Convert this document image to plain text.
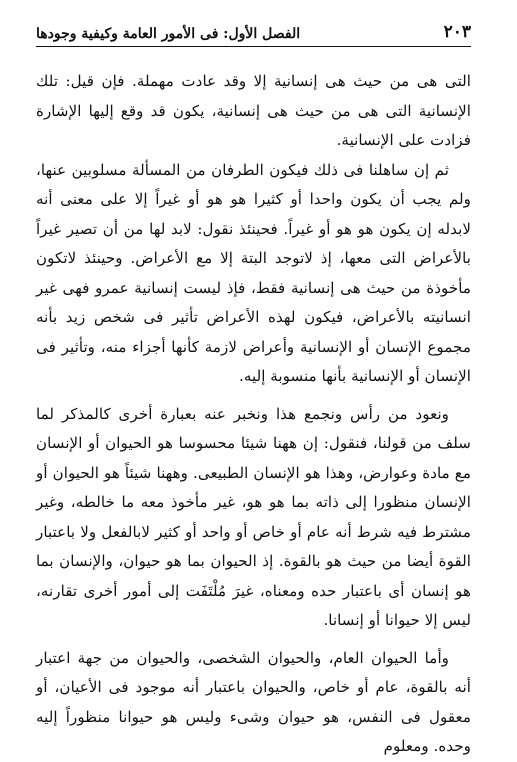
الفصل الأول: فى الأمور العامة وكيفية وجودها	٢٠٣

التى هى من حيث هى إنسانية إلا وقد عادت مهملة. فإن قيل: تلك الإنسانية التى هى من حيث هى إنسانية، يكون قد وقع إليها الإشارة فزادت على الإنسانية.

ثم إن ساهلنا فى ذلك فيكون الطرفان من المسألة مسلوبين عنها، ولم يجب أن يكون واحدا أو كثيرا هو هو أو غيراً إلا على معنى أنه لابدله إن يكون هو هو أو غيراً. فحينئذ نقول: لابد لها من أن تصير غيراً بالأعراض التى معها، إذ لاتوجد البتة إلا مع الأعراض. وحينئذ لاتكون مأخوذة من حيث هى إنسانية فقط، فإذ ليست إنسانية عمرو فهى غير انسانيته بالأعراض، فيكون لهذه الأعراض تأثير فى شخص زيد بأنه مجموع الإنسان أو الإنسانية وأعراض لازمة كأنها أجزاء منه، وتأثير فى الإنسان أو الإنسانية بأنها منسوبة إليه.

ونعود من رأس ونجمع هذا ونخبر عنه بعبارة أخرى كالمذكر لما سلف من قولنا، فنقول: إن ههنا شيئا محسوسا هو الحيوان أو الإنسان مع مادة وعوارض، وهذا هو الإنسان الطبيعى. وههنا شيئاً هو الحيوان أو الإنسان منظورا إلى ذاته بما هو هو، غير مأخوذ معه ما خالطه، وغير مشترط فيه شرط أنه عام أو خاص أو واحد أو كثير لابالفعل ولا باعتبار القوة أيضا من حيث هو بالقوة. إذ الحيوان بما هو حيوان، والإنسان بما هو إنسان أى باعتبار حده ومعناه، غيرَ مُلْتَفَت إلى أمور أخرى تقارنه، ليس إلا حيوانا أو إنسانا.

وأما الحيوان العام، والحيوان الشخصى، والحيوان من جهة اعتبار أنه بالقوة، عام أو خاص، والحيوان باعتبار أنه موجود فى الأعيان، أو معقول فى النفس، هو حيوان وشىء وليس هو حيوانا منظوراً إليه وحده. ومعلوم
